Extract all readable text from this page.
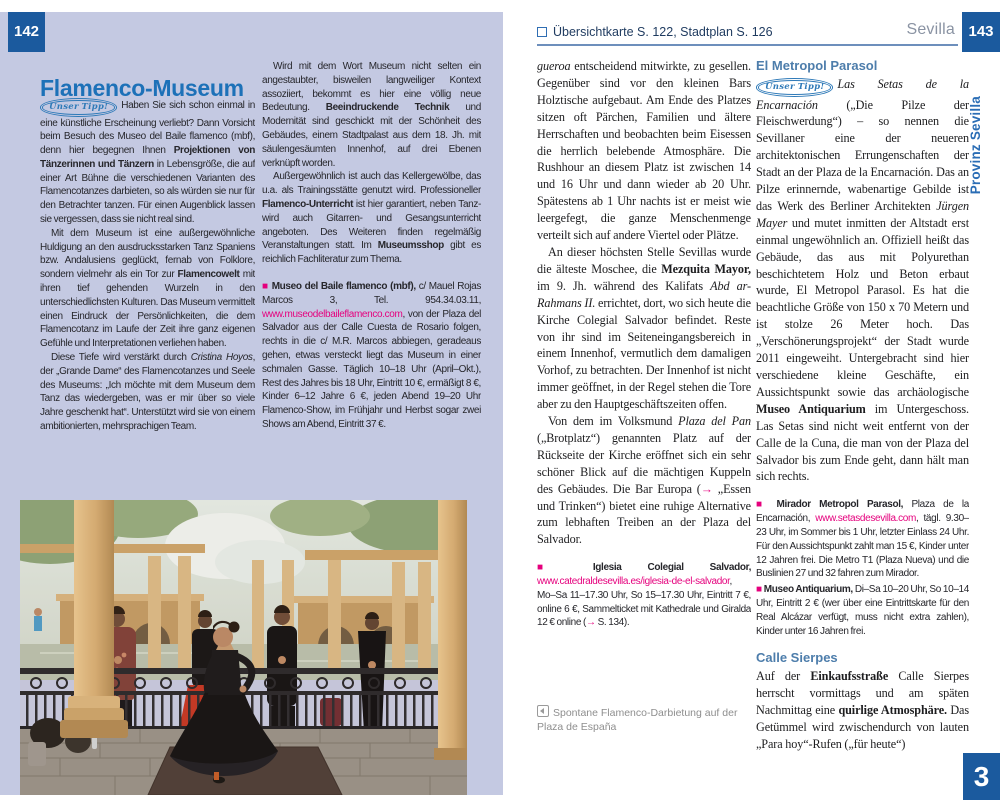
142
Flamenco-Museum

Unser Tipp! Haben Sie sich schon einmal in eine künstliche Erscheinung verliebt? Dann Vorsicht beim Besuch des Museo del Baile flamenco (mbf), denn hier begegnen Ihnen Projektionen von Tänzerinnen und Tänzern in Lebensgröße, die auf einer Art Bühne die verschiedenen Varianten des Flamencotanzes darbieten, so als würden sie nur für den Betrachter tanzen. Für einen Augenblick lassen sie vergessen, dass sie nicht real sind.

Mit dem Museum ist eine außergewöhnliche Huldigung an den ausdrucksstarken Tanz Spaniens bzw. Andalusiens geglückt, fernab von Folklore, sondern vielmehr als ein Tor zur Flamencowelt mit ihren tief gehenden Wurzeln in den unterschiedlichsten Kulturen. Das Museum vermittelt einen Eindruck der Persönlichkeiten, die dem Flamencotanz im Laufe der Zeit ihre ganz eigenen Gefühle und Interpretationen verliehen haben.

Diese Tiefe wird verstärkt durch Cristina Hoyos, der „Grande Dame“ des Flamencotanzes und Seele des Museums: „Ich möchte mit dem Museum dem Tanz das wiedergeben, was er mir über so viele Jahre geschenkt hat“. Unterstützt wird sie von einem ambitionierten, mehrsprachigen Team.

Wird mit dem Wort Museum nicht selten ein angestaubter, bisweilen langweiliger Kontext assoziiert, bekommt es hier eine völlig neue Bedeutung. Beeindruckende Technik und Modernität sind geschickt mit der Schönheit des Gebäudes, einem Stadtpalast aus dem 18. Jh. mit säulengesäumten Innenhof, auf drei Ebenen verknüpft worden.

Außergewöhnlich ist auch das Kellergewölbe, das u.a. als Trainingsstätte genutzt wird. Professioneller Flamenco-Unterricht ist hier garantiert, neben Tanz- wird auch Gitarren- und Gesangsunterricht angeboten. Des Weiteren finden regelmäßig Veranstaltungen statt. Im Museumsshop gibt es reichlich Fachliteratur zum Thema.

■ Museo del Baile flamenco (mbf), c/ Mauel Rojas Marcos 3, Tel. 954.34.03.11, www.museodelbaileflamenco.com, von der Plaza del Salvador aus der Calle Cuesta de Rosario folgen, rechts in die c/ M.R. Marcos abbiegen, geradeaus gehen, etwas versteckt liegt das Museum in einer schmalen Gasse. Täglich 10–18 Uhr (April–Okt.), Rest des Jahres bis 18 Uhr, Eintritt 10 €, ermäßigt 8 €, Kinder 6–12 Jahre 6 €, jeden Abend 19–20 Uhr Flamenco-Show, im Frühjahr und Herbst sogar zwei Shows am Abend, Eintritt 37 €.

Übersichtkarte S. 122, Stadtplan S. 126	Sevilla 143
Provinz Sevilla

gueroa entscheidend mitwirkte, zu gesellen. Gegenüber sind vor den kleinen Bars Holztische aufgebaut. Am Ende des Platzes sitzen oft Pärchen, Familien und ältere Herrschaften und beobachten beim Eisessen die herrlich belebende Atmosphäre. Die Rushhour an diesem Platz ist zwischen 14 und 16 Uhr und dann wieder ab 20 Uhr. Spätestens ab 1 Uhr nachts ist er meist wie leergefegt, die ganze Menschenmenge verteilt sich auf andere Viertel oder Plätze.

An dieser höchsten Stelle Sevillas wurde die älteste Moschee, die Mezquita Mayor, im 9. Jh. während des Kalifats Abd ar-Rahmans II. errichtet, dort, wo sich heute die Kirche Colegial Salvador befindet. Reste von ihr sind im Seiteneingangsbereich in einem Innenhof, vermutlich dem damaligen Vorhof, zu betrachten. Der Innenhof ist nicht immer geöffnet, in der Regel stehen die Tore aber zu den Hauptgeschäftszeiten offen.

Von dem im Volksmund Plaza del Pan („Brotplatz“) genannten Platz auf der Rückseite der Kirche eröffnet sich ein sehr schöner Blick auf die mächtigen Kuppeln des Gebäudes. Die Bar Europa (→ „Essen und Trinken“) bietet eine ruhige Alternative zum lebhaften Treiben an der Plaza del Salvador.

■ Iglesia Colegial Salvador, www.catedraldesevilla.es/iglesia-de-el-salvador, Mo–Sa 11–17.30 Uhr, So 15–17.30 Uhr, Eintritt 7 €, online 6 €, Sammelticket mit Kathedrale und Giralda 12 € online (→ S. 134).

El Metropol Parasol

Unser Tipp! Las Setas de la Encarnación („Die Pilze der Fleischwerdung“) – so nennen die Sevillaner eine der neueren architektonischen Errungenschaften der Stadt an der Plaza de la Encarnación. Das an Pilze erinnernde, wabenartige Gebilde ist das Werk des Berliner Architekten Jürgen Mayer und mutet inmitten der Altstadt erst einmal ungewöhnlich an. Offiziell heißt das Gebäude, das aus mit Polyurethan beschichtetem Holz und Beton erbaut wurde, El Metropol Parasol. Es hat die beachtliche Größe von 150 x 70 Metern und ist stolze 26 Meter hoch. Das „Verschönerungsprojekt“ der Stadt wurde 2011 eingeweiht. Untergebracht sind hier verschiedene kleine Geschäfte, ein Aussichtspunkt sowie das archäologische Museo Antiquarium im Untergeschoss. Las Setas sind nicht weit entfernt von der Calle de la Cuna, die man von der Plaza del Salvador bis zum Ende geht, dann hält man sich rechts.

■ Mirador Metropol Parasol, Plaza de la Encarnación, www.setasdesevilla.com, tägl. 9.30–23 Uhr, im Sommer bis 1 Uhr, letzter Einlass 24 Uhr. Für den Aussichtspunkt zahlt man 15 €, Kinder unter 12 Jahren frei. Die Metro T1 (Plaza Nueva) und die Buslinien 27 und 32 fahren zum Mirador.

■ Museo Antiquarium, Di–Sa 10–20 Uhr, So 10–14 Uhr, Eintritt 2 € (wer über eine Eintrittskarte für den Real Alcázar verfügt, muss nicht extra zahlen), Kinder unter 16 Jahren frei.

Calle Sierpes

Auf der Einkaufsstraße Calle Sierpes herrscht vormittags und am späten Nachmittag eine quirlige Atmosphäre. Das Getümmel wird zwischendurch von lauten „Para hoy“-Rufen („für heute“)

Spontane Flamenco-Darbietung auf der Plaza de España
3
